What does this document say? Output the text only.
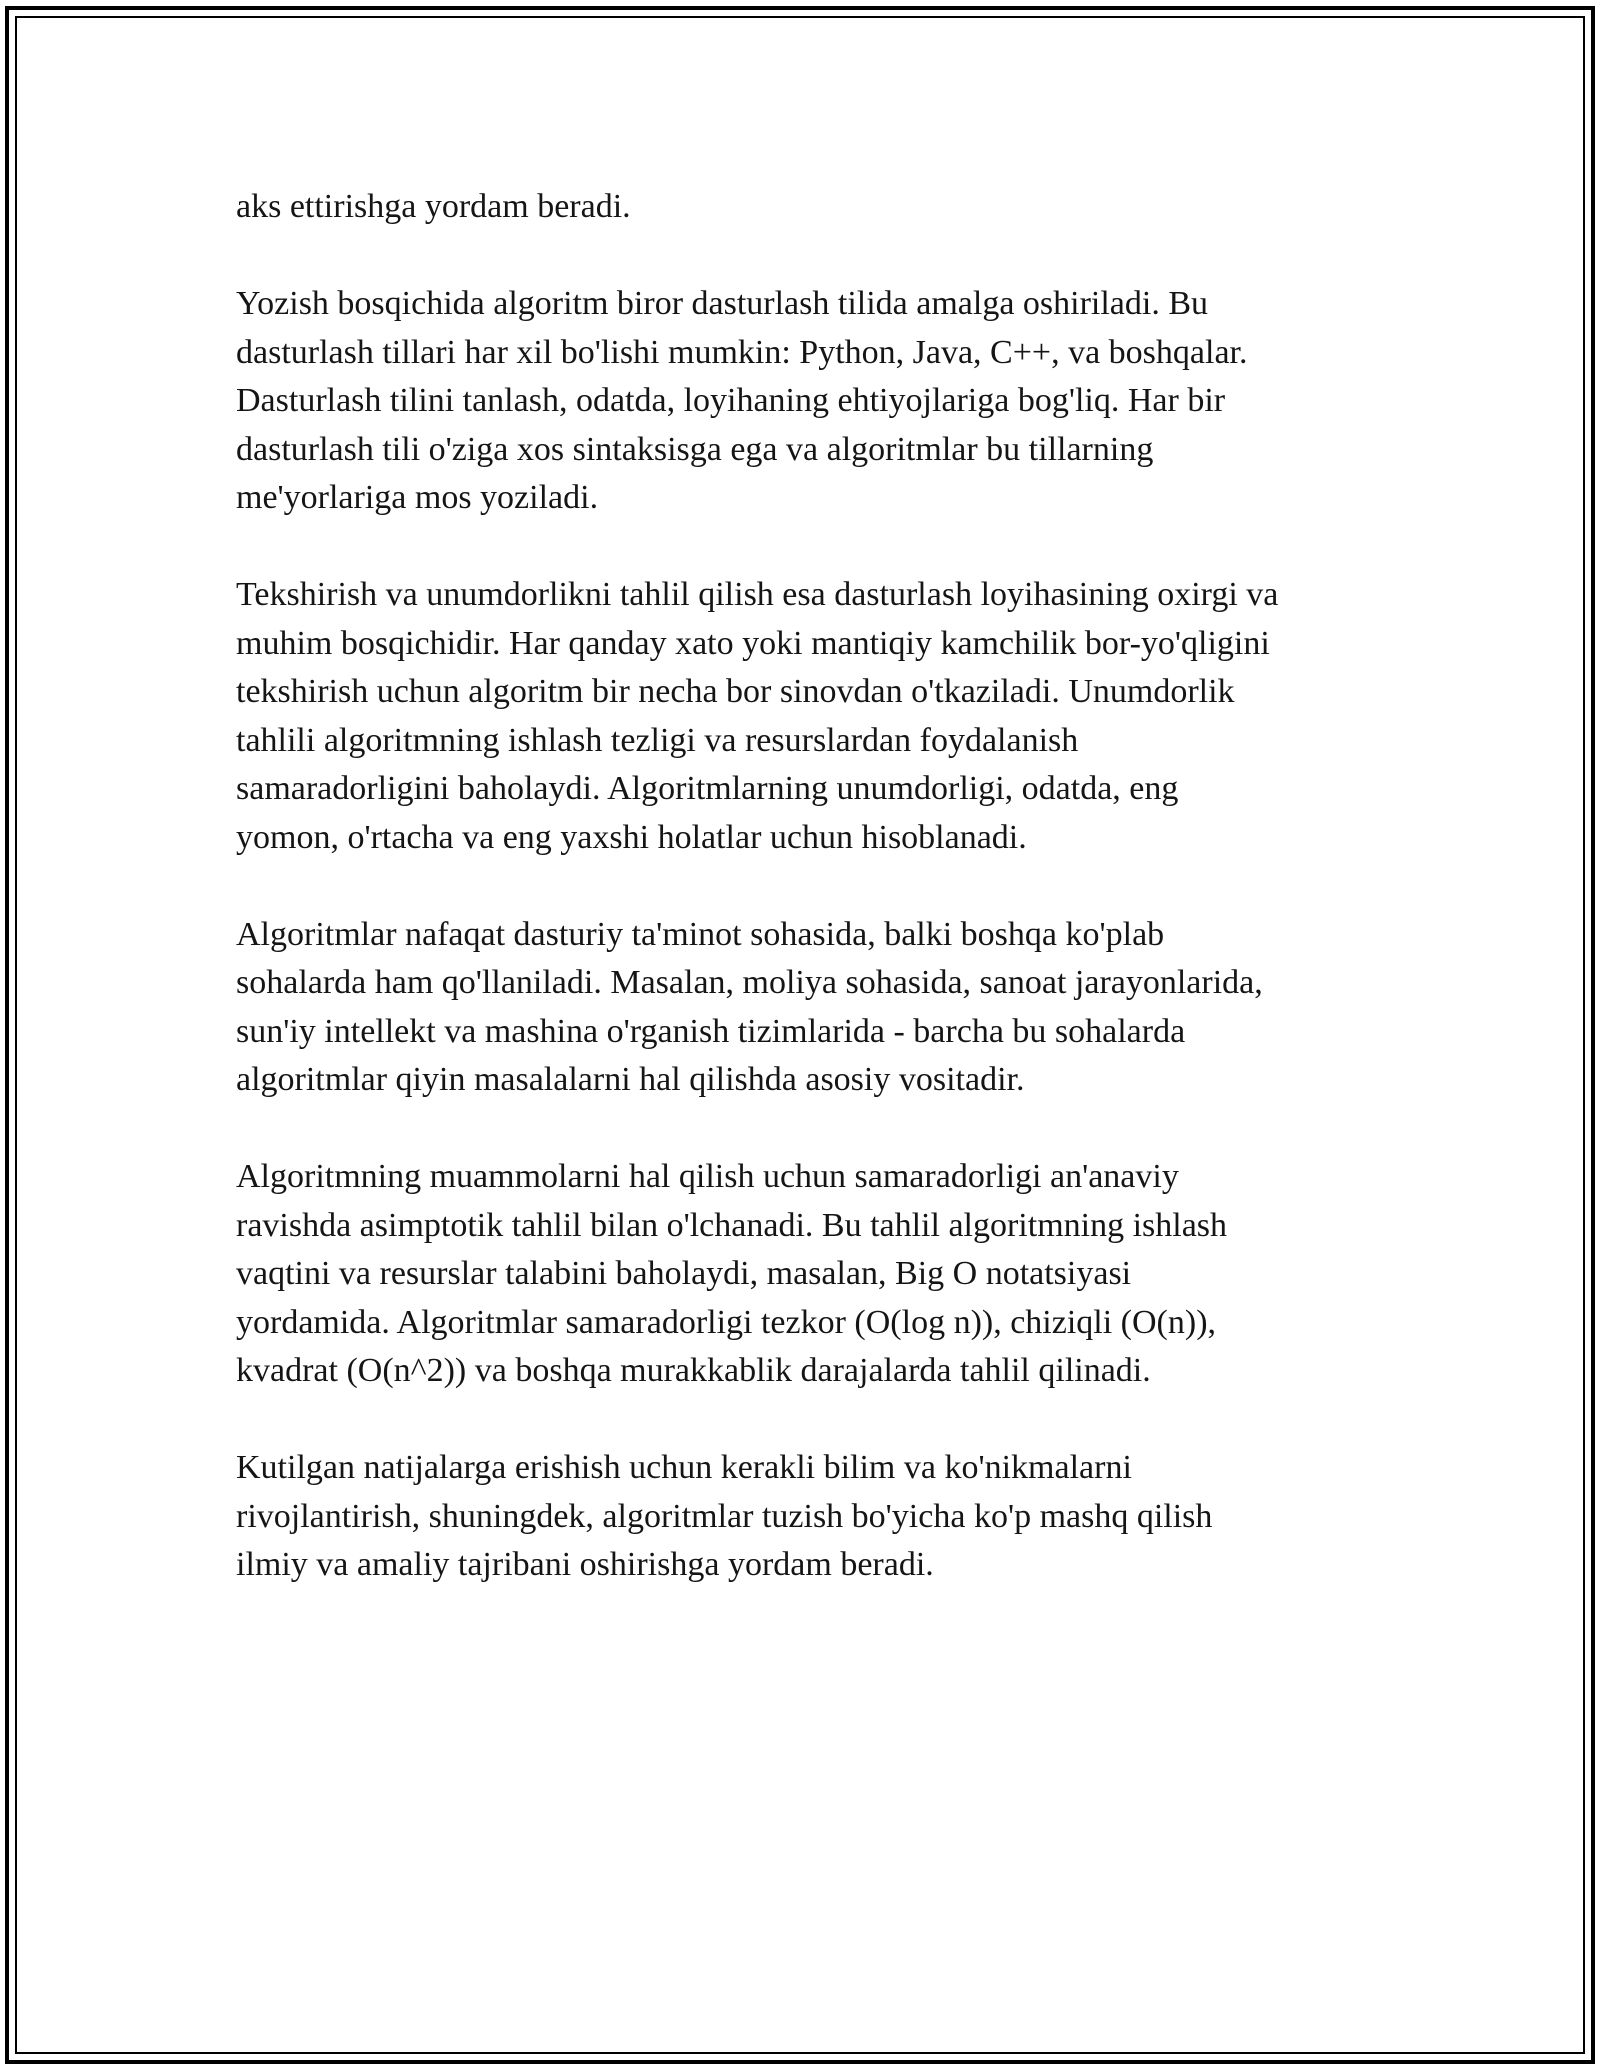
aks ettirishga yordam beradi.

Yozish bosqichida algoritm biror dasturlash tilida amalga oshiriladi. Bu
dasturlash tillari har xil bo'lishi mumkin: Python, Java, C++, va boshqalar.
Dasturlash tilini tanlash, odatda, loyihaning ehtiyojlariga bog'liq. Har bir
dasturlash tili o'ziga xos sintaksisga ega va algoritmlar bu tillarning
me'yorlariga mos yoziladi.

Tekshirish va unumdorlikni tahlil qilish esa dasturlash loyihasining oxirgi va
muhim bosqichidir. Har qanday xato yoki mantiqiy kamchilik bor-yo'qligini
tekshirish uchun algoritm bir necha bor sinovdan o'tkaziladi. Unumdorlik
tahlili algoritmning ishlash tezligi va resurslardan foydalanish
samaradorligini baholaydi. Algoritmlarning unumdorligi, odatda, eng
yomon, o'rtacha va eng yaxshi holatlar uchun hisoblanadi.

Algoritmlar nafaqat dasturiy ta'minot sohasida, balki boshqa ko'plab
sohalarda ham qo'llaniladi. Masalan, moliya sohasida, sanoat jarayonlarida,
sun'iy intellekt va mashina o'rganish tizimlarida - barcha bu sohalarda
algoritmlar qiyin masalalarni hal qilishda asosiy vositadir.

Algoritmning muammolarni hal qilish uchun samaradorligi an'anaviy
ravishda asimptotik tahlil bilan o'lchanadi. Bu tahlil algoritmning ishlash
vaqtini va resurslar talabini baholaydi, masalan, Big O notatsiyasi
yordamida. Algoritmlar samaradorligi tezkor (O(log n)), chiziqli (O(n)),
kvadrat (O(n^2)) va boshqa murakkablik darajalarda tahlil qilinadi.

Kutilgan natijalarga erishish uchun kerakli bilim va ko'nikmalarni
rivojlantirish, shuningdek, algoritmlar tuzish bo'yicha ko'p mashq qilish
ilmiy va amaliy tajribani oshirishga yordam beradi.
